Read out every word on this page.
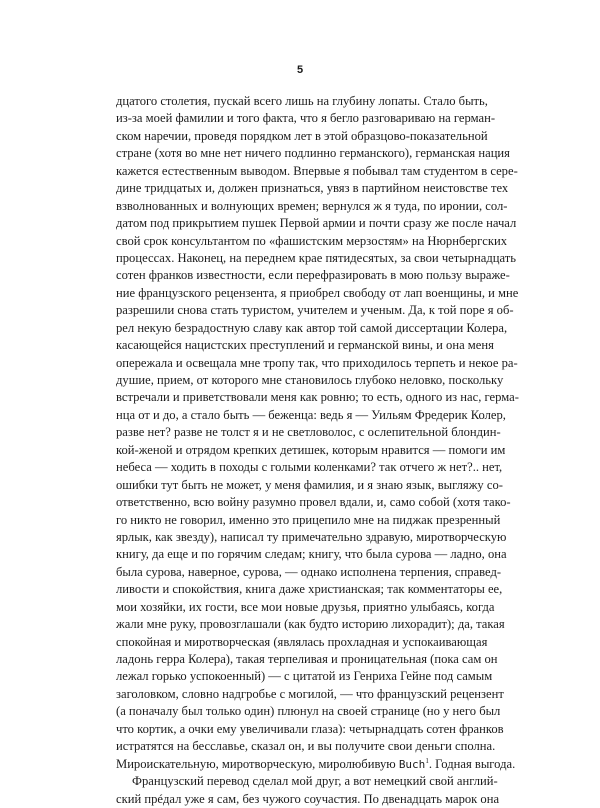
5
дцатого столетия, пускай всего лишь на глубину лопаты. Стало быть,
из-за моей фамилии и того факта, что я бегло разговариваю на герман-
ском наречии, проведя порядком лет в этой образцово-показательной
стране (хотя во мне нет ничего подлинно германского), германская нация
кажется естественным выводом. Впервые я побывал там студентом в сере-
дине тридцатых и, должен признаться, увяз в партийном неистовстве тех
взволнованных и волнующих времен; вернулся ж я туда, по иронии, сол-
датом под прикрытием пушек Первой армии и почти сразу же после начал
свой срок консультантом по «фашистским мерзостям» на Нюрнбергских
процессах. Наконец, на переднем крае пятидесятых, за свои четырнадцать
сотен франков известности, если перефразировать в мою пользу выраже-
ние французского рецензента, я приобрел свободу от лап военщины, и мне
разрешили снова стать туристом, учителем и ученым. Да, к той поре я об-
рел некую безрадостную славу как автор той самой диссертации Колера,
касающейся нацистских преступлений и германской вины, и она меня
опережала и освещала мне тропу так, что приходилось терпеть и некое ра-
душие, прием, от которого мне становилось глубоко неловко, поскольку
встречали и приветствовали меня как ровню; то есть, одного из нас, герма-
нца от и до, а стало быть — беженца: ведь я — Уильям Фредерик Колер,
разве нет? разве не толст я и не светловолос, с ослепительной блондин-
кой-женой и отрядом крепких детишек, которым нравится — помоги им
небеса — ходить в походы с голыми коленками? так отчего ж нет?.. нет,
ошибки тут быть не может, у меня фамилия, и я знаю язык, выгляжу со-
ответственно, всю войну разумно провел вдали, и, само собой (хотя тако-
го никто не говорил, именно это прицепило мне на пиджак презренный
ярлык, как звезду), написал ту примечательно здравую, миротворческую
книгу, да еще и по горячим следам; книгу, что была сурова — ладно, она
была сурова, наверное, сурова, — однако исполнена терпения, справед-
ливости и спокойствия, книга даже христианская; так комментаторы ее,
мои хозяйки, их гости, все мои новые друзья, приятно улыбаясь, когда
жали мне руку, провозглашали (как будто историю лихорадит); да, такая
спокойная и миротворческая (являлась прохладная и успокаивающая
ладонь герра Колера), такая терпеливая и проницательная (пока сам он
лежал горько успокоенный) — с цитатой из Генриха Гейне под самым
заголовком, словно надгробье с могилой, — что французский рецензент
(а поначалу был только один) плюнул на своей странице (но у него был
что кортик, а очки ему увеличивали глаза): четырнадцать сотен франков
истратятся на бесславье, сказал он, и вы получите свои деньги сполна.
Мироискательную, миротворческую, миролюбивую Buch$^1$. Годная выгода.
Французский перевод сделал мой друг, а вот немецкий свой англий-
ский прéдал уже я сам, без чужого соучастия. По двенадцать марок она
